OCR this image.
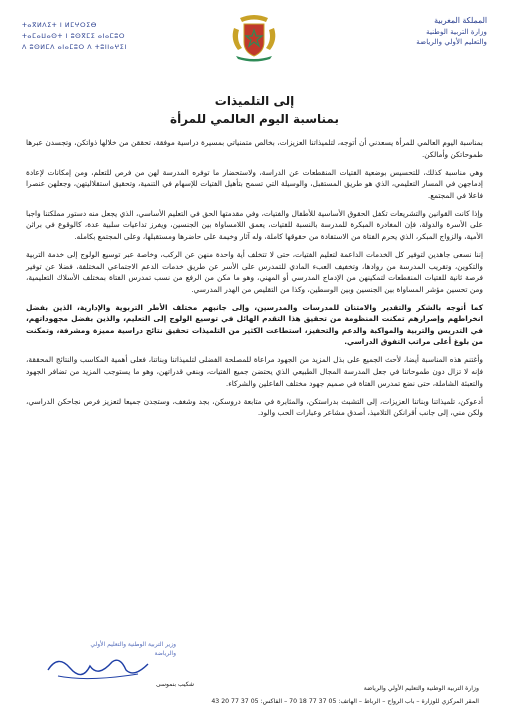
المملكة المغربية
وزارة التربية الوطنية
والتعليم الأولي والرياضة
ⵜⴰⴳⵍⴷⵉⵜ ⵏ ⵍⵎⵖⵔⵉⴱ
ⵜⴰⵎⴰⵡⴰⵙⵜ ⵏ ⵓⵙⴳⵎⵉ ⴰⵏⴰⵎⵓⵔ
ⴷ ⵓⵙⵍⵎⴷ ⴰⵏⴰⵎⵓⵔ ⴷ ⵜⵓⵏⵏⴰⵖⵉⵏ
إلى التلميذات
بمناسبة اليوم العالمي للمرأة

بمناسبة اليوم العالمي للمرأة يسعدني أن أتوجه، لتلميذاتنا العزيزات، بخالص متمنياتي بمسيرة دراسية موفقة، تحققن من خلالها ذواتكن، وتجسدن عبرها طموحاتكن وأمالكن.

وهي مناسبة كذلك، للتحسيس بوضعية الفتيات المنقطعات عن الدراسة، ولاستحضار ما توفره المدرسة لهن من فرص للتعلم، ومن إمكانات لإعادة إدماجهن في المسار التعليمي، الذي هو طريق المستقبل، والوسيلة التي تسمح بتأهيل الفتيات للإسهام في التنمية، وتحقيق استقلاليتهن، وجعلهن عنصرا فاعلا في المجتمع.

وإذا كانت القوانين والتشريعات تكفل الحقوق الأساسية للأطفال والفتيات، وفي مقدمتها الحق في التعليم الأساسي، الذي يجعل منه دستور مملكتنا واجبا على الأسرة والدولة، فإن المغادرة المبكرة للمدرسة بالنسبة للفتيات، يعمق اللامساواة بين الجنسين، ويفرز تداعيات سلبية عدة، كالوقوع في براثن الأمية، والزواج المبكر، الذي يحرم الفتاة من الاستفادة من حقوقها كاملة، وله آثار وخيمة على حاضرها ومستقبلها، وعلى المجتمع بكامله.

إننا نسعى جاهدين لتوفير كل الخدمات الداعمة لتعليم الفتيات، حتى لا تتخلف أية واحدة منهن عن الركب، وخاصة عبر توسيع الولوج إلى خدمة التربية والتكوين، وتقريب المدرسة من روادها، وتخفيف العبء المادي للتمدرس على الأسر عن طريق خدمات الدعم الاجتماعي المختلفة، فضلا عن توفير فرصة ثانية للفتيات المنقطعات لتمكينهن من الإدماج المدرسي أو المهني، وهو ما مكن من الرفع من نسب تمدرس الفتاة بمختلف الأسلاك التعليمية، ومن تحسين مؤشر المساواة بين الجنسين وبين الوسطين، وكذا من التقليص من الهدر المدرسي.

كما أتوجه بالشكر والتقدير والامتنان للمدرسات والمدرسين، وإلى جانبهم مختلف الأطر التربوية والإدارية، الذين بفضل انخراطهم وإصرارهم تمكنت المنظومة من تحقيق هذا التقدم الهائل في توسيع الولوج إلى التعليم، والذين بفضل مجهوداتهم، في التدريس والتربية والمواكبة والدعم والتحفيز، استطاعت الكثير من التلميذات تحقيق نتائج دراسية مميزة ومشرفة، وتمكنت من بلوغ أعلى مراتب التفوق الدراسي.

وأغتنم هذه المناسبة أيضا، لأحث الجميع على بذل المزيد من الجهود مراعاة للمصلحة الفضلى لتلميذاتنا وبناتنا، فعلى أهمية المكاسب والنتائج المحققة، فإنه لا تزال دون طموحاتنا في جعل المدرسة المجال الطبيعي الذي يحتضن جميع الفتيات، وبنفي قدراتهن، وهو ما يستوجب المزيد من تضافر الجهود والتعبئة الشاملة، حتى نضع تمدرس الفتاة في صميم جهود مختلف الفاعلين والشركاء.

أدعوكن، تلميذاتنا وبناتنا العزيزات، إلى التشبث بدراستكن، والمثابرة في متابعة دروسكن، بجد وشغف، وستجدن جميعا لتعزيز فرص نجاحكن الدراسي، ولكن مني، إلى جانب أقرانكن التلاميذ، أصدق مشاعر وعبارات الحب والود.

وزير التربية الوطنية والتعليم الأولي
والرياضة
شكيب بنموسى
وزارة التربية الوطنية والتعليم الأولي والرياضة
المقر المركزي للوزارة – باب الرواح – الرباط – الهاتف: 05 37 77 18 70 – الفاكس: 05 37 77 20 43
